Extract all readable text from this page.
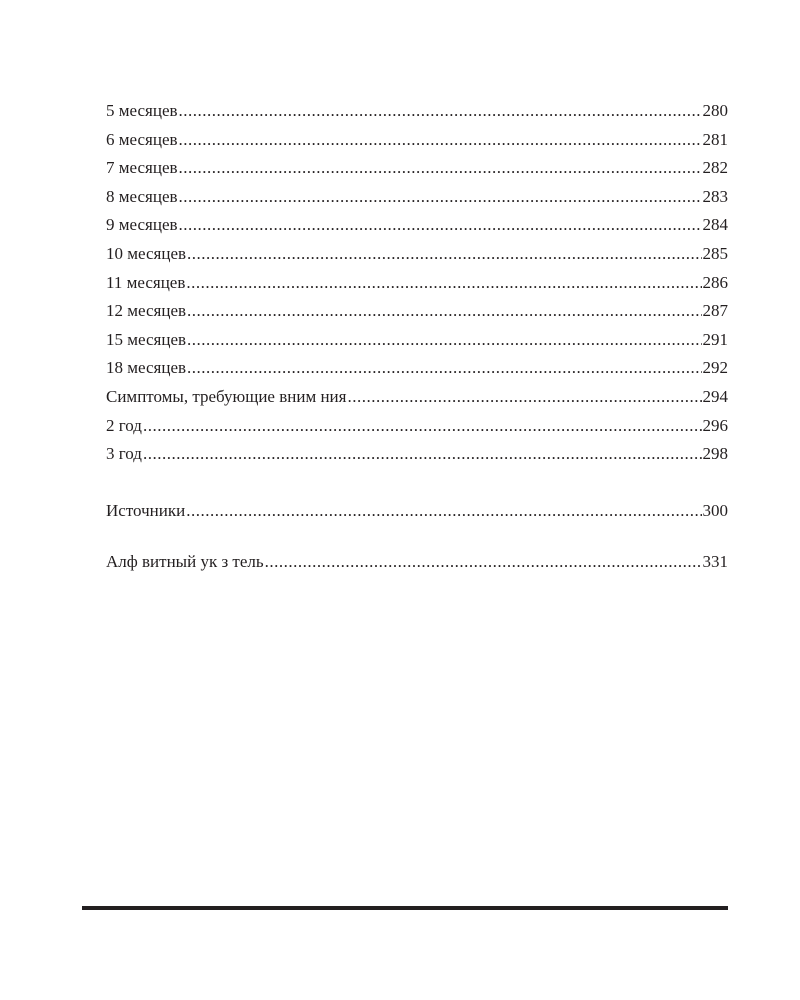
5 месяцев .....	280
6 месяцев .....	281
7 месяцев .....	282
8 месяцев .....	283
9 месяцев .....	284
10 месяцев .....	285
11 месяцев .....	286
12 месяцев .....	287
15 месяцев .....	291
18 месяцев .....	292
Симптомы, требующие вним ния .....	294
2 год .....	296
3 год .....	298
Источники .....	300
Алф витный ук з тель .....	331
